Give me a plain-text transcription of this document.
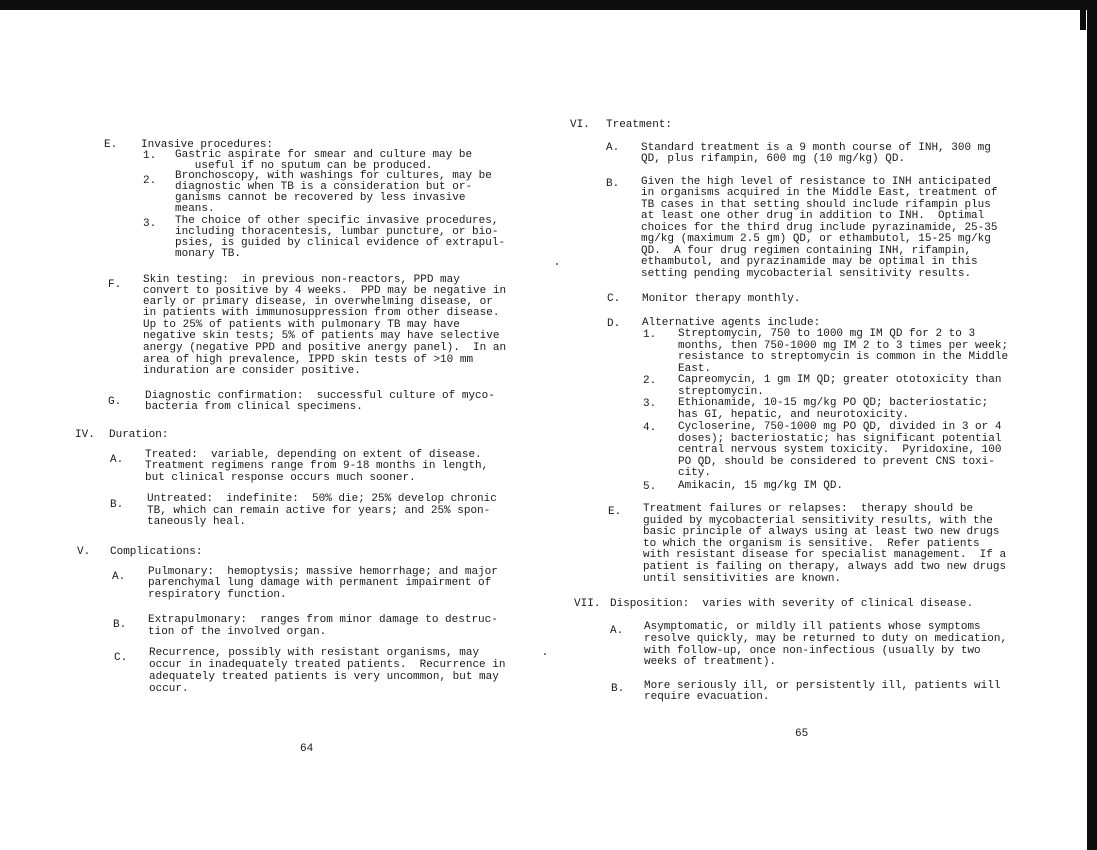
E. Invasive procedures:
1. Gastric aspirate for smear and culture may be
useful if no sputum can be produced.
2. Bronchoscopy, with washings for cultures, may be
diagnostic when TB is a consideration but or-
ganisms cannot be recovered by less invasive
means.
3. The choice of other specific invasive procedures,
including thoracentesis, lumbar puncture, or bio-
psies, is guided by clinical evidence of extrapul-
monary TB.
F. Skin testing:  in previous non-reactors, PPD may
convert to positive by 4 weeks.  PPD may be negative in
early or primary disease, in overwhelming disease, or
in patients with immunosuppression from other disease.
Up to 25% of patients with pulmonary TB may have
negative skin tests; 5% of patients may have selective
anergy (negative PPD and positive anergy panel).  In an
area of high prevalence, IPPD skin tests of >10 mm
induration are consider positive.
G. Diagnostic confirmation:  successful culture of myco-
bacteria from clinical specimens.
IV. Duration:
A. Treated:  variable, depending on extent of disease.
Treatment regimens range from 9-18 months in length,
but clinical response occurs much sooner.
B. Untreated:  indefinite:  50% die; 25% develop chronic
TB, which can remain active for years; and 25% spon-
taneously heal.
V. Complications:
A. Pulmonary:  hemoptysis; massive hemorrhage; and major
parenchymal lung damage with permanent impairment of
respiratory function.
B. Extrapulmonary:  ranges from minor damage to destruc-
tion of the involved organ.
C. Recurrence, possibly with resistant organisms, may
occur in inadequately treated patients.  Recurrence in
adequately treated patients is very uncommon, but may
occur.
64
VI. Treatment:
A. Standard treatment is a 9 month course of INH, 300 mg
QD, plus rifampin, 600 mg (10 mg/kg) QD.
B. Given the high level of resistance to INH anticipated
in organisms acquired in the Middle East, treatment of
TB cases in that setting should include rifampin plus
at least one other drug in addition to INH.  Optimal
choices for the third drug include pyrazinamide, 25-35
mg/kg (maximum 2.5 gm) QD, or ethambutol, 15-25 mg/kg
QD.  A four drug regimen containing INH, rifampin,
ethambutol, and pyrazinamide may be optimal in this
setting pending mycobacterial sensitivity results.
C. Monitor therapy monthly.
D. Alternative agents include:
1. Streptomycin, 750 to 1000 mg IM QD for 2 to 3
months, then 750-1000 mg IM 2 to 3 times per week;
resistance to streptomycin is common in the Middle
East.
2. Capreomycin, 1 gm IM QD; greater ototoxicity than
streptomycin.
3. Ethionamide, 10-15 mg/kg PO QD; bacteriostatic;
has GI, hepatic, and neurotoxicity.
4. Cycloserine, 750-1000 mg PO QD, divided in 3 or 4
doses); bacteriostatic; has significant potential
central nervous system toxicity.  Pyridoxine, 100
PO QD, should be considered to prevent CNS toxi-
city.
5. Amikacin, 15 mg/kg IM QD.
E. Treatment failures or relapses:  therapy should be
guided by mycobacterial sensitivity results, with the
basic principle of always using at least two new drugs
to which the organism is sensitive.  Refer patients
with resistant disease for specialist management.  If a
patient is failing on therapy, always add two new drugs
until sensitivities are known.
VII. Disposition:  varies with severity of clinical disease.
A. Asymptomatic, or mildly ill patients whose symptoms
resolve quickly, may be returned to duty on medication,
with follow-up, once non-infectious (usually by two
weeks of treatment).
B. More seriously ill, or persistently ill, patients will
require evacuation.
65
